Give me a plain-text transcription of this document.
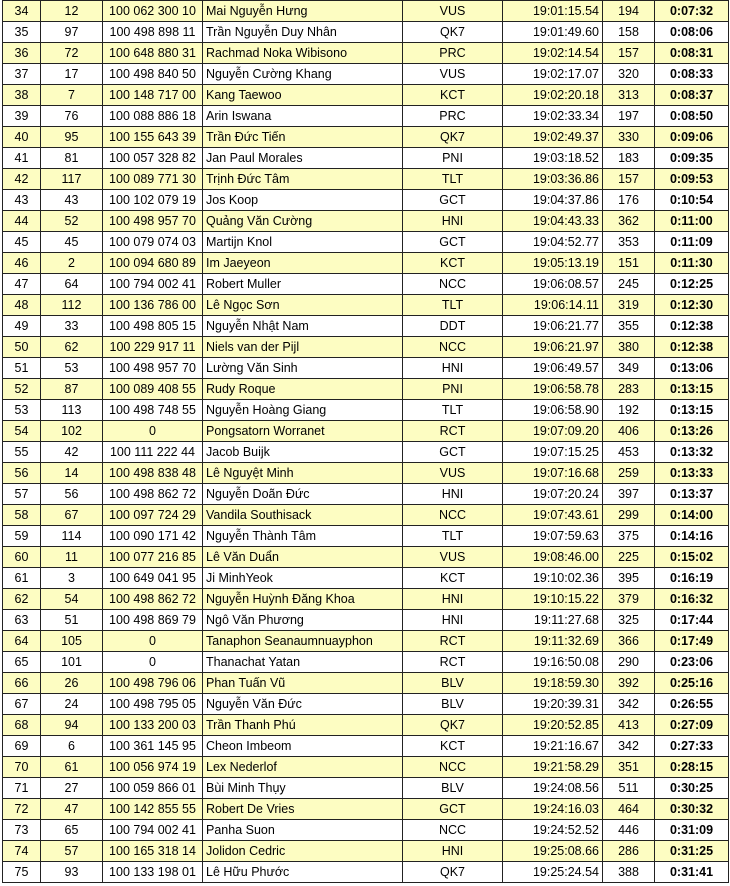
34	12	100 062 300 10	Mai Nguyễn Hưng	VUS	19:01:15.54	194	0:07:32
35	97	100 498 898 11	Trần Nguyễn Duy Nhân	QK7	19:01:49.60	158	0:08:06
36	72	100 648 880 31	Rachmad Noka Wibisono	PRC	19:02:14.54	157	0:08:31
37	17	100 498 840 50	Nguyễn Cường Khang	VUS	19:02:17.07	320	0:08:33
38	7	100 148 717 00	Kang Taewoo	KCT	19:02:20.18	313	0:08:37
39	76	100 088 886 18	Arin Iswana	PRC	19:02:33.34	197	0:08:50
40	95	100 155 643 39	Trần Đức Tiến	QK7	19:02:49.37	330	0:09:06
41	81	100 057 328 82	Jan Paul Morales	PNI	19:03:18.52	183	0:09:35
42	117	100 089 771 30	Trịnh Đức Tâm	TLT	19:03:36.86	157	0:09:53
43	43	100 102 079 19	Jos Koop	GCT	19:04:37.86	176	0:10:54
44	52	100 498 957 70	Quảng Văn Cường	HNI	19:04:43.33	362	0:11:00
45	45	100 079 074 03	Martijn Knol	GCT	19:04:52.77	353	0:11:09
46	2	100 094 680 89	Im Jaeyeon	KCT	19:05:13.19	151	0:11:30
47	64	100 794 002 41	Robert Muller	NCC	19:06:08.57	245	0:12:25
48	112	100 136 786 00	Lê Ngọc Sơn	TLT	19:06:14.11	319	0:12:30
49	33	100 498 805 15	Nguyễn Nhật Nam	DDT	19:06:21.77	355	0:12:38
50	62	100 229 917 11	Niels van der Pijl	NCC	19:06:21.97	380	0:12:38
51	53	100 498 957 70	Lường Văn Sinh	HNI	19:06:49.57	349	0:13:06
52	87	100 089 408 55	Rudy Roque	PNI	19:06:58.78	283	0:13:15
53	113	100 498 748 55	Nguyễn Hoàng Giang	TLT	19:06:58.90	192	0:13:15
54	102	0	Pongsatorn Worranet	RCT	19:07:09.20	406	0:13:26
55	42	100 111 222 44	Jacob Buijk	GCT	19:07:15.25	453	0:13:32
56	14	100 498 838 48	Lê Nguyệt Minh	VUS	19:07:16.68	259	0:13:33
57	56	100 498 862 72	Nguyễn Doãn Đức	HNI	19:07:20.24	397	0:13:37
58	67	100 097 724 29	Vandila Southisack	NCC	19:07:43.61	299	0:14:00
59	114	100 090 171 42	Nguyễn Thành Tâm	TLT	19:07:59.63	375	0:14:16
60	11	100 077 216 85	Lê Văn Duẩn	VUS	19:08:46.00	225	0:15:02
61	3	100 649 041 95	Ji MinhYeok	KCT	19:10:02.36	395	0:16:19
62	54	100 498 862 72	Nguyễn Huỳnh Đăng Khoa	HNI	19:10:15.22	379	0:16:32
63	51	100 498 869 79	Ngô Văn Phương	HNI	19:11:27.68	325	0:17:44
64	105	0	Tanaphon Seanaumnuayphon	RCT	19:11:32.69	366	0:17:49
65	101	0	Thanachat Yatan	RCT	19:16:50.08	290	0:23:06
66	26	100 498 796 06	Phan Tuấn Vũ	BLV	19:18:59.30	392	0:25:16
67	24	100 498 795 05	Nguyễn Văn Đức	BLV	19:20:39.31	342	0:26:55
68	94	100 133 200 03	Trần Thanh Phú	QK7	19:20:52.85	413	0:27:09
69	6	100 361 145 95	Cheon Imbeom	KCT	19:21:16.67	342	0:27:33
70	61	100 056 974 19	Lex Nederlof	NCC	19:21:58.29	351	0:28:15
71	27	100 059 866 01	Bùi Minh Thụy	BLV	19:24:08.56	511	0:30:25
72	47	100 142 855 55	Robert De Vries	GCT	19:24:16.03	464	0:30:32
73	65	100 794 002 41	Panha Suon	NCC	19:24:52.52	446	0:31:09
74	57	100 165 318 14	Jolidon Cedric	HNI	19:25:08.66	286	0:31:25
75	93	100 133 198 01	Lê Hữu Phước	QK7	19:25:24.54	388	0:31:41
